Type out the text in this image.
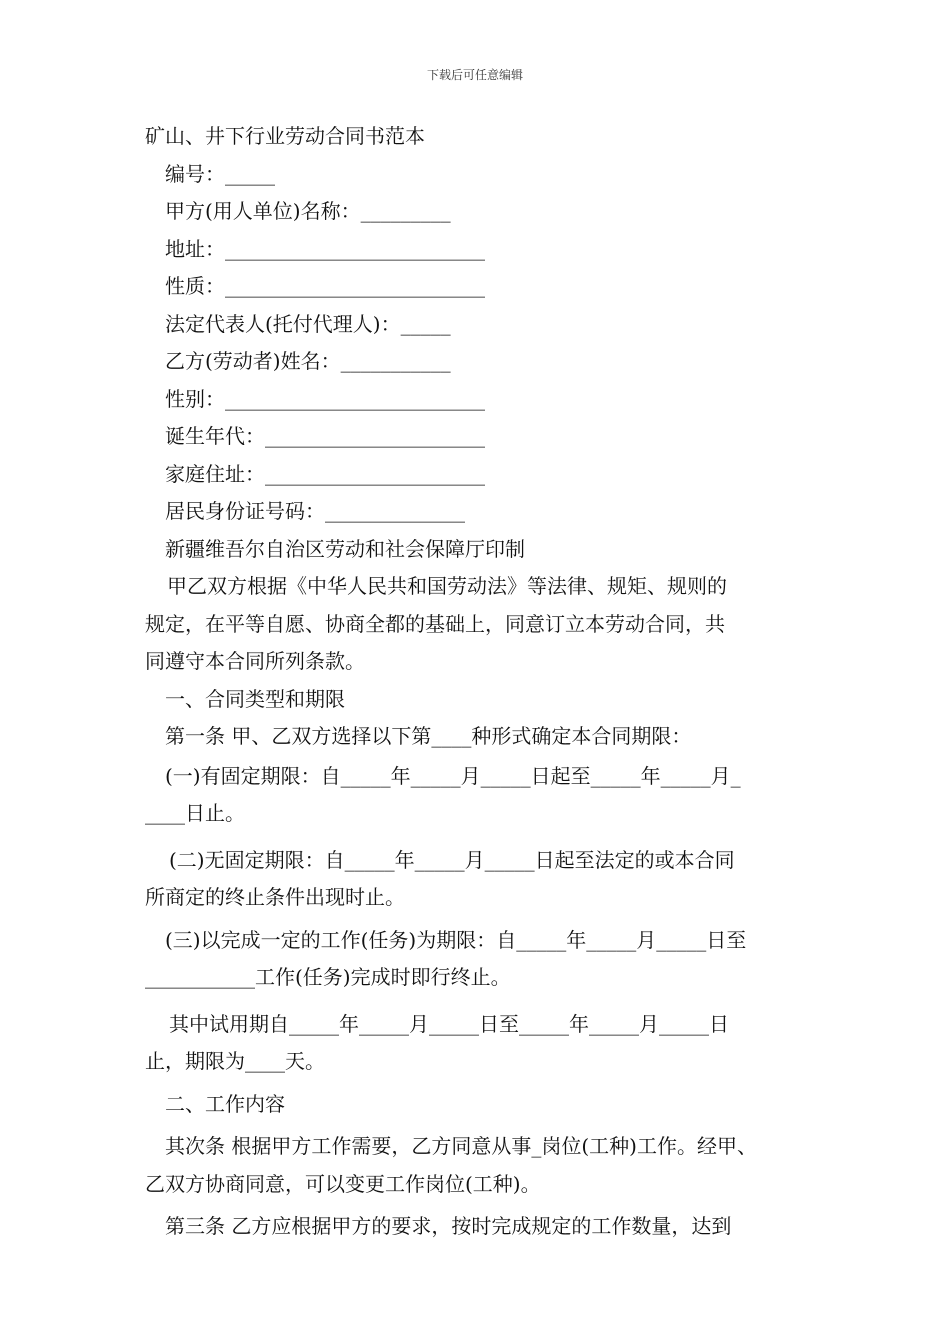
下载后可任意编辑

矿山、井下行业劳动合同书范本

编号：_____

甲方(用人单位)名称：_________

地址：__________________________

性质：__________________________

法定代表人(托付代理人)：_____

乙方(劳动者)姓名：___________

性别：__________________________

诞生年代：______________________

家庭住址：______________________

居民身份证号码：______________

新疆维吾尔自治区劳动和社会保障厅印制

甲乙双方根据《中华人民共和国劳动法》等法律、规矩、规则的

规定，在平等自愿、协商全都的基础上，同意订立本劳动合同，共

同遵守本合同所列条款。

一、合同类型和期限

第一条 甲、乙双方选择以下第____种形式确定本合同期限：

(一)有固定期限：自_____年_____月_____日起至_____年_____月_

____日止。

(二)无固定期限：自_____年_____月_____日起至法定的或本合同

所商定的终止条件出现时止。

(三)以完成一定的工作(任务)为期限：自_____年_____月_____日至

___________工作(任务)完成时即行终止。

其中试用期自_____年_____月_____日至_____年_____月_____日

止，期限为____天。

二、工作内容

其次条 根据甲方工作需要，乙方同意从事_岗位(工种)工作。经甲、

乙双方协商同意，可以变更工作岗位(工种)。

第三条 乙方应根据甲方的要求，按时完成规定的工作数量，达到
